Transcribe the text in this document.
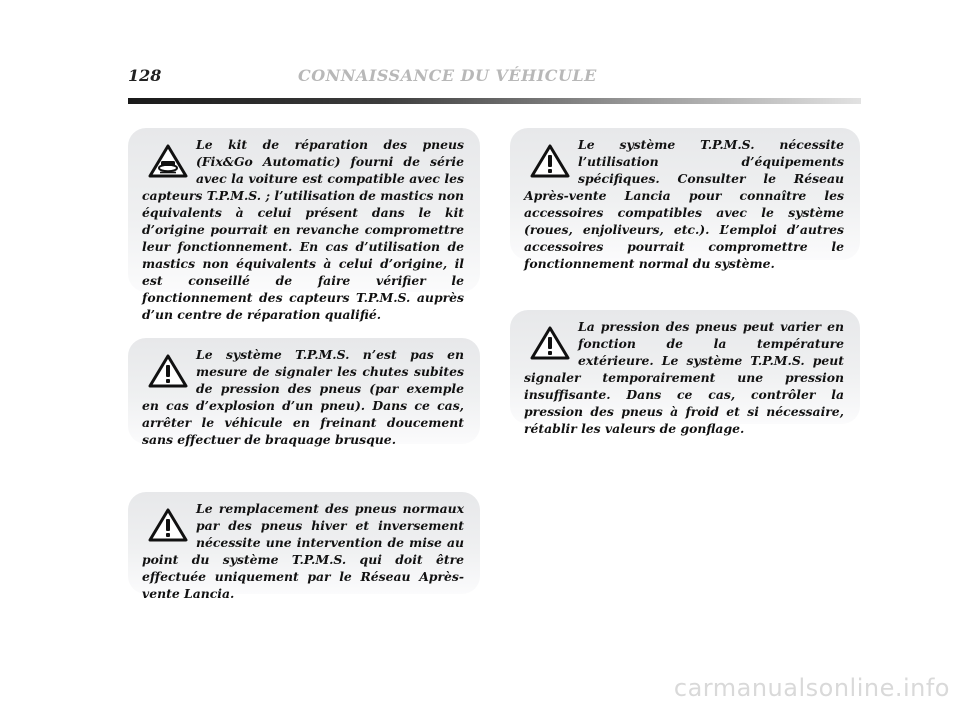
128	CONNAISSANCE DU VÉHICULE
Le kit de réparation des pneus (Fix&Go Automatic) fourni de série avec la voiture est compatible avec les capteurs T.P.M.S. ; l’utilisation de mastics non équivalents à celui présent dans le kit d’origine pourrait en revanche compromettre leur fonctionnement. En cas d’utilisation de mastics non équivalents à celui d’origine, il est conseillé de faire vérifier le fonctionnement des capteurs T.P.M.S. auprès d’un centre de réparation qualifié.
Le système T.P.M.S. n’est pas en mesure de signaler les chutes subites de pression des pneus (par exemple en cas d’explosion d’un pneu). Dans ce cas, arrêter le véhicule en freinant doucement sans effectuer de braquage brusque.
Le remplacement des pneus normaux par des pneus hiver et inversement nécessite une intervention de mise au point du système T.P.M.S. qui doit être effectuée uniquement par le Réseau Après-vente Lancia.
Le système T.P.M.S. nécessite l’utilisation d’équipements spécifiques. Consulter le Réseau Après-vente Lancia pour connaître les accessoires compatibles avec le système (roues, enjoliveurs, etc.). L’emploi d’autres accessoires pourrait compromettre le fonctionnement normal du système.
La pression des pneus peut varier en fonction de la température extérieure. Le système T.P.M.S. peut signaler temporairement une pression insuffisante. Dans ce cas, contrôler la pression des pneus à froid et si nécessaire, rétablir les valeurs de gonflage.
carmanualsonline.info
